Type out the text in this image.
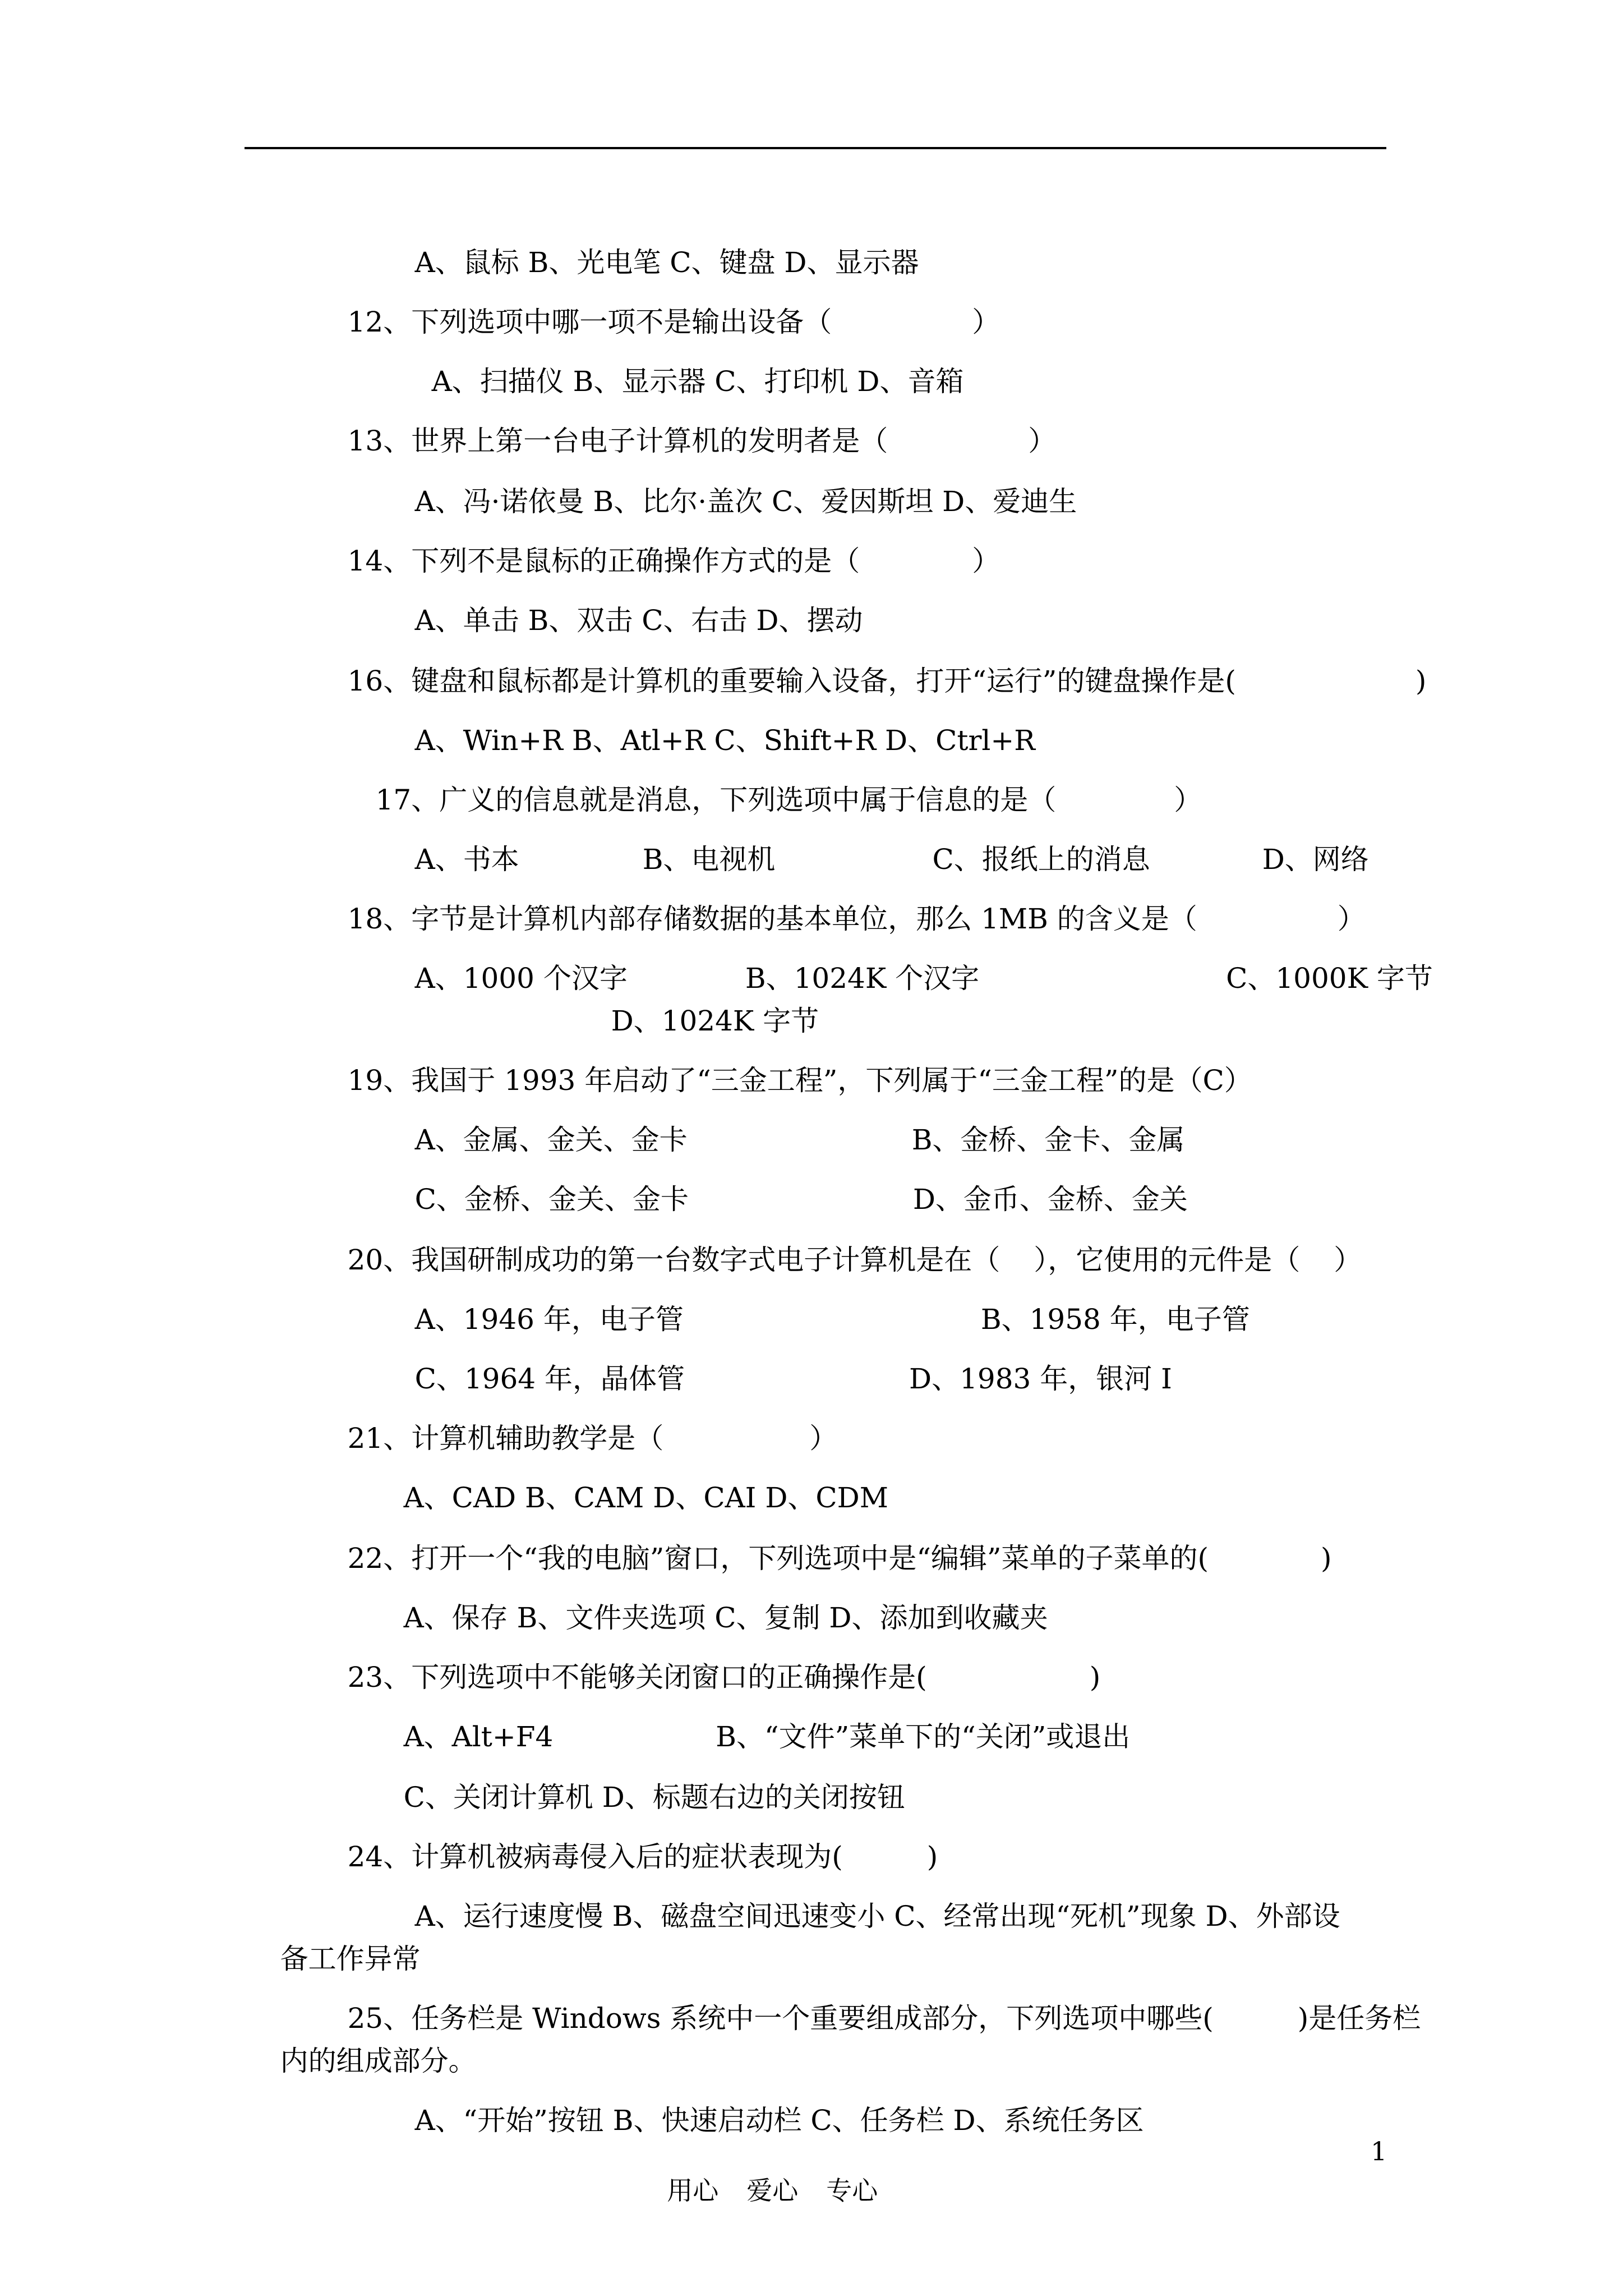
A、鼠标 B、光电笔 C、键盘 D、显示器

12、下列选项中哪一项不是输出设备（	）

A、扫描仪 B、显示器 C、打印机 D、音箱

13、世界上第一台电子计算机的发明者是（	）

A、冯·诺依曼 B、比尔·盖次 C、爱因斯坦 D、爱迪生

14、下列不是鼠标的正确操作方式的是（	）

A、单击 B、双击 C、右击 D、摆动

16、键盘和鼠标都是计算机的重要输入设备，打开“运行”的键盘操作是(	)

A、Win+R B、Atl+R C、Shift+R D、Ctrl+R

17、广义的信息就是消息，下列选项中属于信息的是（	）

A、书本	B、电视机	C、报纸上的消息	D、网络

18、字节是计算机内部存储数据的基本单位，那么 1MB 的含义是（	）

A、1000 个汉字	B、1024K 个汉字	C、1000K 字节

D、1024K 字节

19、我国于 1993 年启动了“三金工程”，下列属于“三金工程”的是（C）

A、金属、金关、金卡	B、金桥、金卡、金属

C、金桥、金关、金卡	D、金币、金桥、金关

20、我国研制成功的第一台数字式电子计算机是在（ ），它使用的元件是（ ）

A、1946 年，电子管	B、1958 年，电子管

C、1964 年，晶体管	D、1983 年，银河 I

21、计算机辅助教学是（	）

A、CAD B、CAM D、CAI D、CDM

22、打开一个“我的电脑”窗口，下列选项中是“编辑”菜单的子菜单的(	)

A、保存 B、文件夹选项 C、复制 D、添加到收藏夹

23、下列选项中不能够关闭窗口的正确操作是(	)

A、Alt+F4	B、“文件”菜单下的“关闭”或退出

C、关闭计算机 D、标题右边的关闭按钮

24、计算机被病毒侵入后的症状表现为(	)

A、运行速度慢 B、磁盘空间迅速变小 C、经常出现“死机”现象 D、外部设

备工作异常

25、任务栏是 Windows 系统中一个重要组成部分，下列选项中哪些(	)是任务栏

内的组成部分。

A、“开始”按钮 B、快速启动栏 C、任务栏 D、系统任务区

用心 爱心 专心

1
